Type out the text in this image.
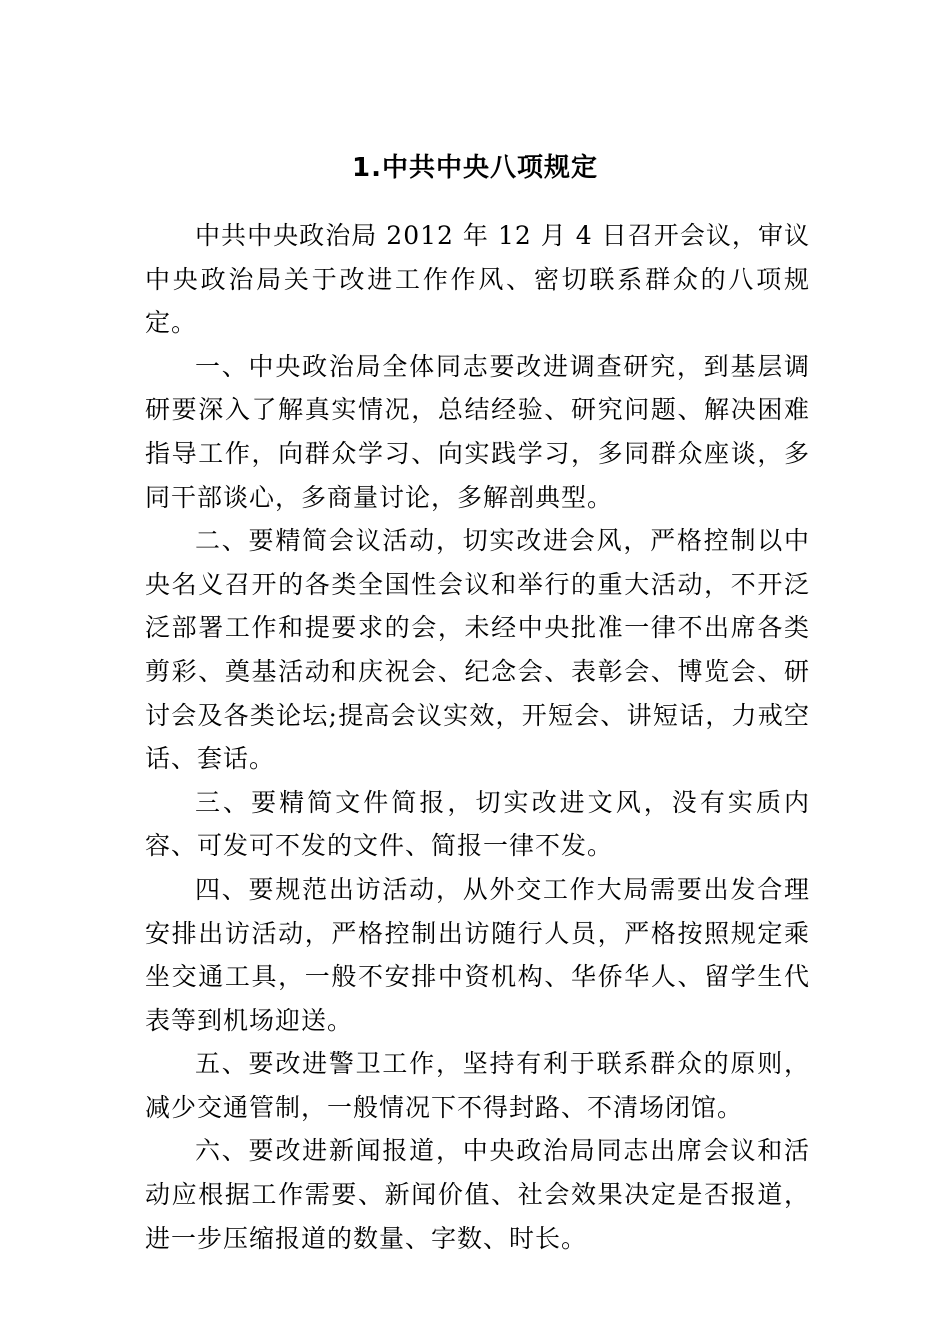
1.中共中央八项规定

中共中央政治局 2012 年 12 月 4 日召开会议，审议中央政治局关于改进工作作风、密切联系群众的八项规定。

一、中央政治局全体同志要改进调查研究，到基层调研要深入了解真实情况，总结经验、研究问题、解决困难指导工作，向群众学习、向实践学习，多同群众座谈，多同干部谈心，多商量讨论，多解剖典型。

二、要精简会议活动，切实改进会风，严格控制以中央名义召开的各类全国性会议和举行的重大活动，不开泛泛部署工作和提要求的会，未经中央批准一律不出席各类剪彩、奠基活动和庆祝会、纪念会、表彰会、博览会、研讨会及各类论坛;提高会议实效，开短会、讲短话，力戒空话、套话。

三、要精简文件简报，切实改进文风，没有实质内容、可发可不发的文件、简报一律不发。

四、要规范出访活动，从外交工作大局需要出发合理安排出访活动，严格控制出访随行人员，严格按照规定乘坐交通工具，一般不安排中资机构、华侨华人、留学生代表等到机场迎送。

五、要改进警卫工作，坚持有利于联系群众的原则，减少交通管制，一般情况下不得封路、不清场闭馆。

六、要改进新闻报道，中央政治局同志出席会议和活动应根据工作需要、新闻价值、社会效果决定是否报道，进一步压缩报道的数量、字数、时长。
